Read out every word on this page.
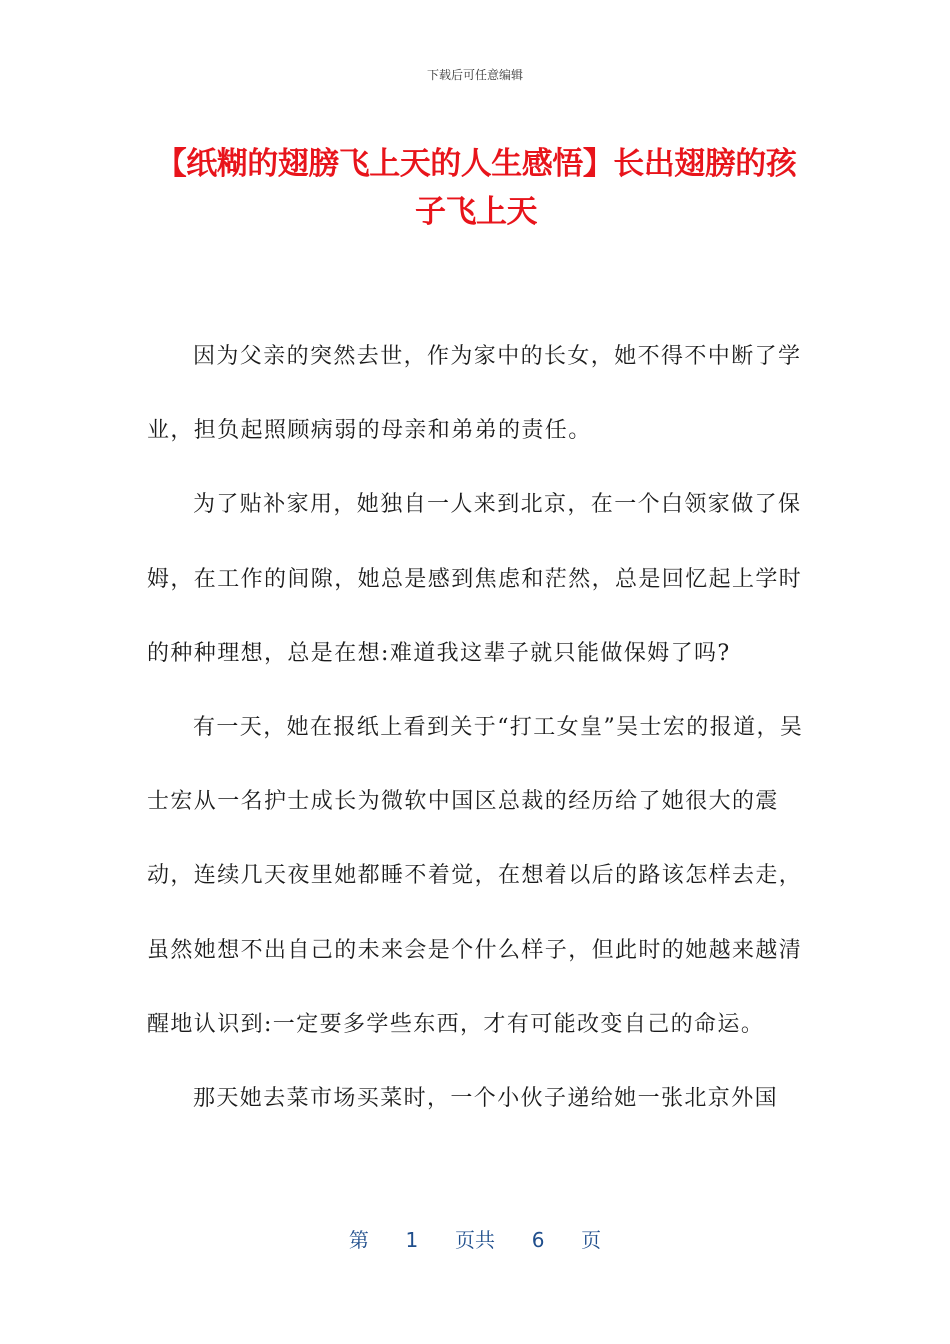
下载后可任意编辑
【纸糊的翅膀飞上天的人生感悟】长出翅膀的孩子飞上天

因为父亲的突然去世，作为家中的长女，她不得不中断了学业，担负起照顾病弱的母亲和弟弟的责任。

为了贴补家用，她独自一人来到北京，在一个白领家做了保姆，在工作的间隙，她总是感到焦虑和茫然，总是回忆起上学时的种种理想，总是在想:难道我这辈子就只能做保姆了吗?

有一天，她在报纸上看到关于“打工女皇”吴士宏的报道，吴士宏从一名护士成长为微软中国区总裁的经历给了她很大的震动，连续几天夜里她都睡不着觉，在想着以后的路该怎样去走，虽然她想不出自己的未来会是个什么样子，但此时的她越来越清醒地认识到:一定要多学些东西，才有可能改变自己的命运。

那天她去菜市场买菜时，一个小伙子递给她一张北京外国

第 1 页共 6 页
